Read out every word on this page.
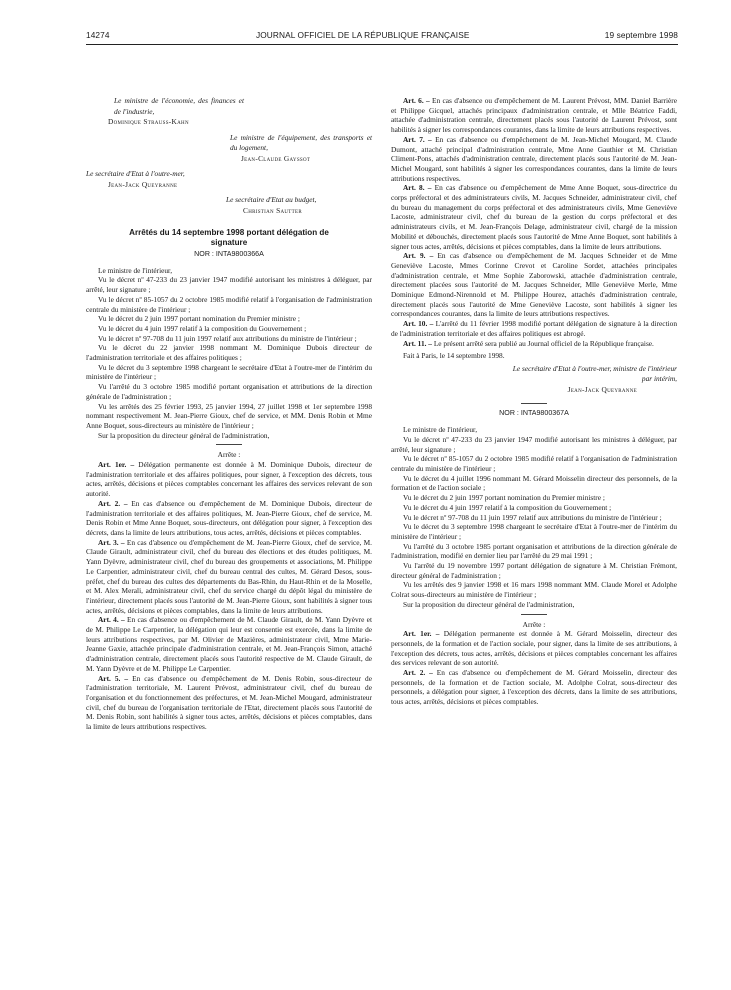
14274	JOURNAL OFFICIEL DE LA RÉPUBLIQUE FRANÇAISE	19 septembre 1998

Le ministre de l'économie, des finances et de l'industrie,

Dominique Strauss-Kahn

Le ministre de l'équipement, des transports et du logement,

Jean-Claude Gayssot

Le secrétaire d'Etat à l'outre-mer,

Jean-Jack Queyranne

Le secrétaire d'Etat au budget,

Christian Sautter

Arrêtés du 14 septembre 1998 portant délégation de signature
NOR : INTA9800366A

Le ministre de l'intérieur,

Vu le décret nº 47-233 du 23 janvier 1947 modifié autorisant les ministres à déléguer, par arrêté, leur signature ;

Vu le décret nº 85-1057 du 2 octobre 1985 modifié relatif à l'organisation de l'administration centrale du ministère de l'intérieur ;

Vu le décret du 2 juin 1997 portant nomination du Premier ministre ;

Vu le décret du 4 juin 1997 relatif à la composition du Gouvernement ;

Vu le décret nº 97-708 du 11 juin 1997 relatif aux attributions du ministre de l'intérieur ;

Vu le décret du 22 janvier 1998 nommant M. Dominique Dubois directeur de l'administration territoriale et des affaires politiques ;

Vu le décret du 3 septembre 1998 chargeant le secrétaire d'Etat à l'outre-mer de l'intérim du ministère de l'intérieur ;

Vu l'arrêté du 3 octobre 1985 modifié portant organisation et attributions de la direction générale de l'administration ;

Vu les arrêtés des 25 février 1993, 25 janvier 1994, 27 juillet 1998 et 1er septembre 1998 nommant respectivement M. Jean-Pierre Gioux, chef de service, et MM. Denis Robin et Mme Anne Boquet, sous-directeurs au ministère de l'intérieur ;

Sur la proposition du directeur général de l'administration,

Arrête :

Art. 1er. – Délégation permanente est donnée à M. Dominique Dubois, directeur de l'administration territoriale et des affaires politiques, pour signer, à l'exception des décrets, tous actes, arrêtés, décisions et pièces comptables concernant les affaires des services relevant de son autorité.

Art. 2. – En cas d'absence ou d'empêchement de M. Dominique Dubois, directeur de l'administration territoriale et des affaires politiques, M. Jean-Pierre Gioux, chef de service, M. Denis Robin et Mme Anne Boquet, sous-directeurs, ont délégation pour signer, à l'exception des décrets, dans la limite de leurs attributions, tous actes, arrêtés, décisions et pièces comptables.

Art. 3. – En cas d'absence ou d'empêchement de M. Jean-Pierre Gioux, chef de service, M. Claude Girault, administrateur civil, chef du bureau des élections et des études politiques, M. Yann Dyèvre, administrateur civil, chef du bureau des groupements et associations, M. Philippe Le Carpentier, administrateur civil, chef du bureau central des cultes, M. Gérard Desos, sous-préfet, chef du bureau des cultes des départements du Bas-Rhin, du Haut-Rhin et de la Moselle, et M. Alex Merali, administrateur civil, chef du service chargé du dépôt légal du ministère de l'intérieur, directement placés sous l'autorité de M. Jean-Pierre Gioux, sont habilités à signer tous actes, arrêtés, décisions et pièces comptables, dans la limite de leurs attributions.

Art. 4. – En cas d'absence ou d'empêchement de M. Claude Girault, de M. Yann Dyèvre et de M. Philippe Le Carpentier, la délégation qui leur est consentie est exercée, dans la limite de leurs attributions respectives, par M. Olivier de Mazières, administrateur civil, Mme Marie-Jeanne Gaxie, attachée principale d'administration centrale, et M. Jean-François Simon, attaché d'administration centrale, directement placés sous l'autorité respective de M. Claude Girault, de M. Yann Dyèvre et de M. Philippe Le Carpentier.

Art. 5. – En cas d'absence ou d'empêchement de M. Denis Robin, sous-directeur de l'administration territoriale, M. Laurent Prévost, administrateur civil, chef du bureau de l'organisation et du fonctionnement des préfectures, et M. Jean-Michel Mougard, administrateur civil, chef du bureau de l'organisation territoriale de l'Etat, directement placés sous l'autorité de M. Denis Robin, sont habilités à signer tous actes, arrêtés, décisions et pièces comptables, dans la limite de leurs attributions respectives.

Art. 6. – En cas d'absence ou d'empêchement de M. Laurent Prévost, MM. Daniel Barrière et Philippe Gicquel, attachés principaux d'administration centrale, et Mlle Béatrice Faddi, attachée d'administration centrale, directement placés sous l'autorité de Laurent Prévost, sont habilités à signer les correspondances courantes, dans la limite de leurs attributions respectives.

Art. 7. – En cas d'absence ou d'empêchement de M. Jean-Michel Mougard, M. Claude Dumont, attaché principal d'administration centrale, Mme Anne Gauthier et M. Christian Climent-Pons, attachés d'administration centrale, directement placés sous l'autorité de M. Jean-Michel Mougard, sont habilités à signer les correspondances courantes, dans la limite de leurs attributions respectives.

Art. 8. – En cas d'absence ou d'empêchement de Mme Anne Boquet, sous-directrice du corps préfectoral et des administrateurs civils, M. Jacques Schneider, administrateur civil, chef du bureau du management du corps préfectoral et des administrateurs civils, Mme Geneviève Lacoste, administrateur civil, chef du bureau de la gestion du corps préfectoral et des administrateurs civils, et M. Jean-François Delage, administrateur civil, chargé de la mission Mobilité et débouchés, directement placés sous l'autorité de Mme Anne Boquet, sont habilités à signer tous actes, arrêtés, décisions et pièces comptables, dans la limite de leurs attributions.

Art. 9. – En cas d'absence ou d'empêchement de M. Jacques Schneider et de Mme Geneviève Lacoste, Mmes Corinne Crevot et Caroline Sordet, attachées principales d'administration centrale, et Mme Sophie Zaborowski, attachée d'administration centrale, directement placées sous l'autorité de M. Jacques Schneider, Mlle Geneviève Merle, Mme Dominique Edmond-Nirennold et M. Philippe Hourez, attachés d'administration centrale, directement placés sous l'autorité de Mme Geneviève Lacoste, sont habilités à signer les correspondances courantes, dans la limite de leurs attributions respectives.

Art. 10. – L'arrêté du 11 février 1998 modifié portant délégation de signature à la direction de l'administration territoriale et des affaires politiques est abrogé.

Art. 11. – Le présent arrêté sera publié au Journal officiel de la République française.

Fait à Paris, le 14 septembre 1998.

Le secrétaire d'Etat à l'outre-mer, ministre de l'intérieur par intérim,

Jean-Jack Queyranne

NOR : INTA9800367A

Le ministre de l'intérieur,

Vu le décret nº 47-233 du 23 janvier 1947 modifié autorisant les ministres à déléguer, par arrêté, leur signature ;

Vu le décret nº 85-1057 du 2 octobre 1985 modifié relatif à l'organisation de l'administration centrale du ministère de l'intérieur ;

Vu le décret du 4 juillet 1996 nommant M. Gérard Moisselin directeur des personnels, de la formation et de l'action sociale ;

Vu le décret du 2 juin 1997 portant nomination du Premier ministre ;

Vu le décret du 4 juin 1997 relatif à la composition du Gouvernement ;

Vu le décret nº 97-708 du 11 juin 1997 relatif aux attributions du ministre de l'intérieur ;

Vu le décret du 3 septembre 1998 chargeant le secrétaire d'Etat à l'outre-mer de l'intérim du ministère de l'intérieur ;

Vu l'arrêté du 3 octobre 1985 portant organisation et attributions de la direction générale de l'administration, modifié en dernier lieu par l'arrêté du 29 mai 1991 ;

Vu l'arrêté du 19 novembre 1997 portant délégation de signature à M. Christian Frémont, directeur général de l'administration ;

Vu les arrêtés des 9 janvier 1998 et 16 mars 1998 nommant MM. Claude Morel et Adolphe Colrat sous-directeurs au ministère de l'intérieur ;

Sur la proposition du directeur général de l'administration,

Arrête :

Art. 1er. – Délégation permanente est donnée à M. Gérard Moisselin, directeur des personnels, de la formation et de l'action sociale, pour signer, dans la limite de ses attributions, à l'exception des décrets, tous actes, arrêtés, décisions et pièces comptables concernant les affaires des services relevant de son autorité.

Art. 2. – En cas d'absence ou d'empêchement de M. Gérard Moisselin, directeur des personnels, de la formation et de l'action sociale, M. Adolphe Colrat, sous-directeur des personnels, a délégation pour signer, à l'exception des décrets, dans la limite de ses attributions, tous actes, arrêtés, décisions et pièces comptables.
